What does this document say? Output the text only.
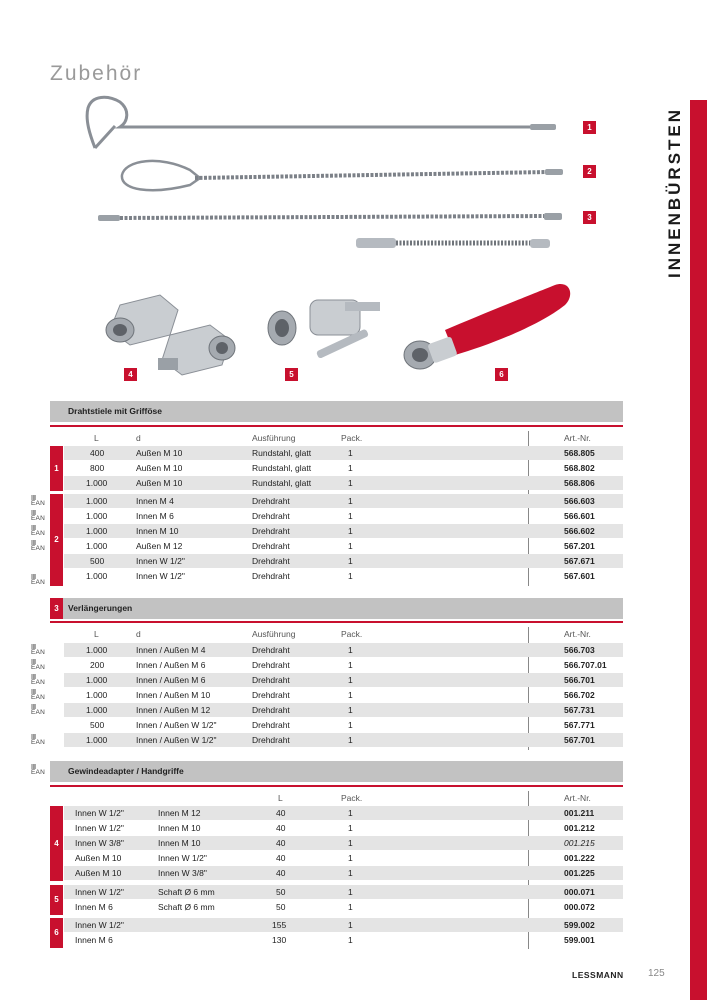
Zubehör
INNENBÜRSTEN
1
2
3
4	5	6
Drahtstiele mit Grifföse
L	d	Ausführung	Pack.	Art.-Nr.
1
2
400	Außen M 10	Rundstahl, glatt	1	568.805
800	Außen M 10	Rundstahl, glatt	1	568.802
1.000	Außen M 10	Rundstahl, glatt	1	568.806
1.000	Innen M 4	Drehdraht	1	566.603
1.000	Innen M 6	Drehdraht	1	566.601
1.000	Innen M 10	Drehdraht	1	566.602
1.000	Außen M 12	Drehdraht	1	567.201
500	Innen W 1/2"	Drehdraht	1	567.671
1.000	Innen W 1/2"	Drehdraht	1	567.601
||||||
EAN
||||||
EAN
||||||
EAN
||||||
EAN
||||||
EAN
3	Verlängerungen
L	d	Ausführung	Pack.	Art.-Nr.
1.000	Innen / Außen M 4	Drehdraht	1	566.703
200	Innen / Außen M 6	Drehdraht	1	566.707.01
1.000	Innen / Außen M 6	Drehdraht	1	566.701
1.000	Innen / Außen M 10	Drehdraht	1	566.702
1.000	Innen / Außen M 12	Drehdraht	1	567.731
500	Innen / Außen W 1/2"	Drehdraht	1	567.771
1.000	Innen / Außen W 1/2"	Drehdraht	1	567.701
||||||
EAN
||||||
EAN
||||||
EAN
||||||
EAN
||||||
EAN
||||||
EAN
Gewindeadapter / Handgriffe
||||||
EAN
L	Pack.	Art.-Nr.
4
5
6
Innen W 1/2"	Innen M 12	40	1	001.211
Innen W 1/2"	Innen M 10	40	1	001.212
Innen W 3/8"	Innen M 10	40	1	001.215
Außen M 10	Innen W 1/2"	40	1	001.222
Außen M 10	Innen W 3/8"	40	1	001.225
Innen W 1/2"	Schaft Ø 6 mm	50	1	000.071
Innen M 6	Schaft Ø 6 mm	50	1	000.072
Innen W 1/2"	155	1	599.002
Innen M 6	130	1	599.001
LESSMANN 125
